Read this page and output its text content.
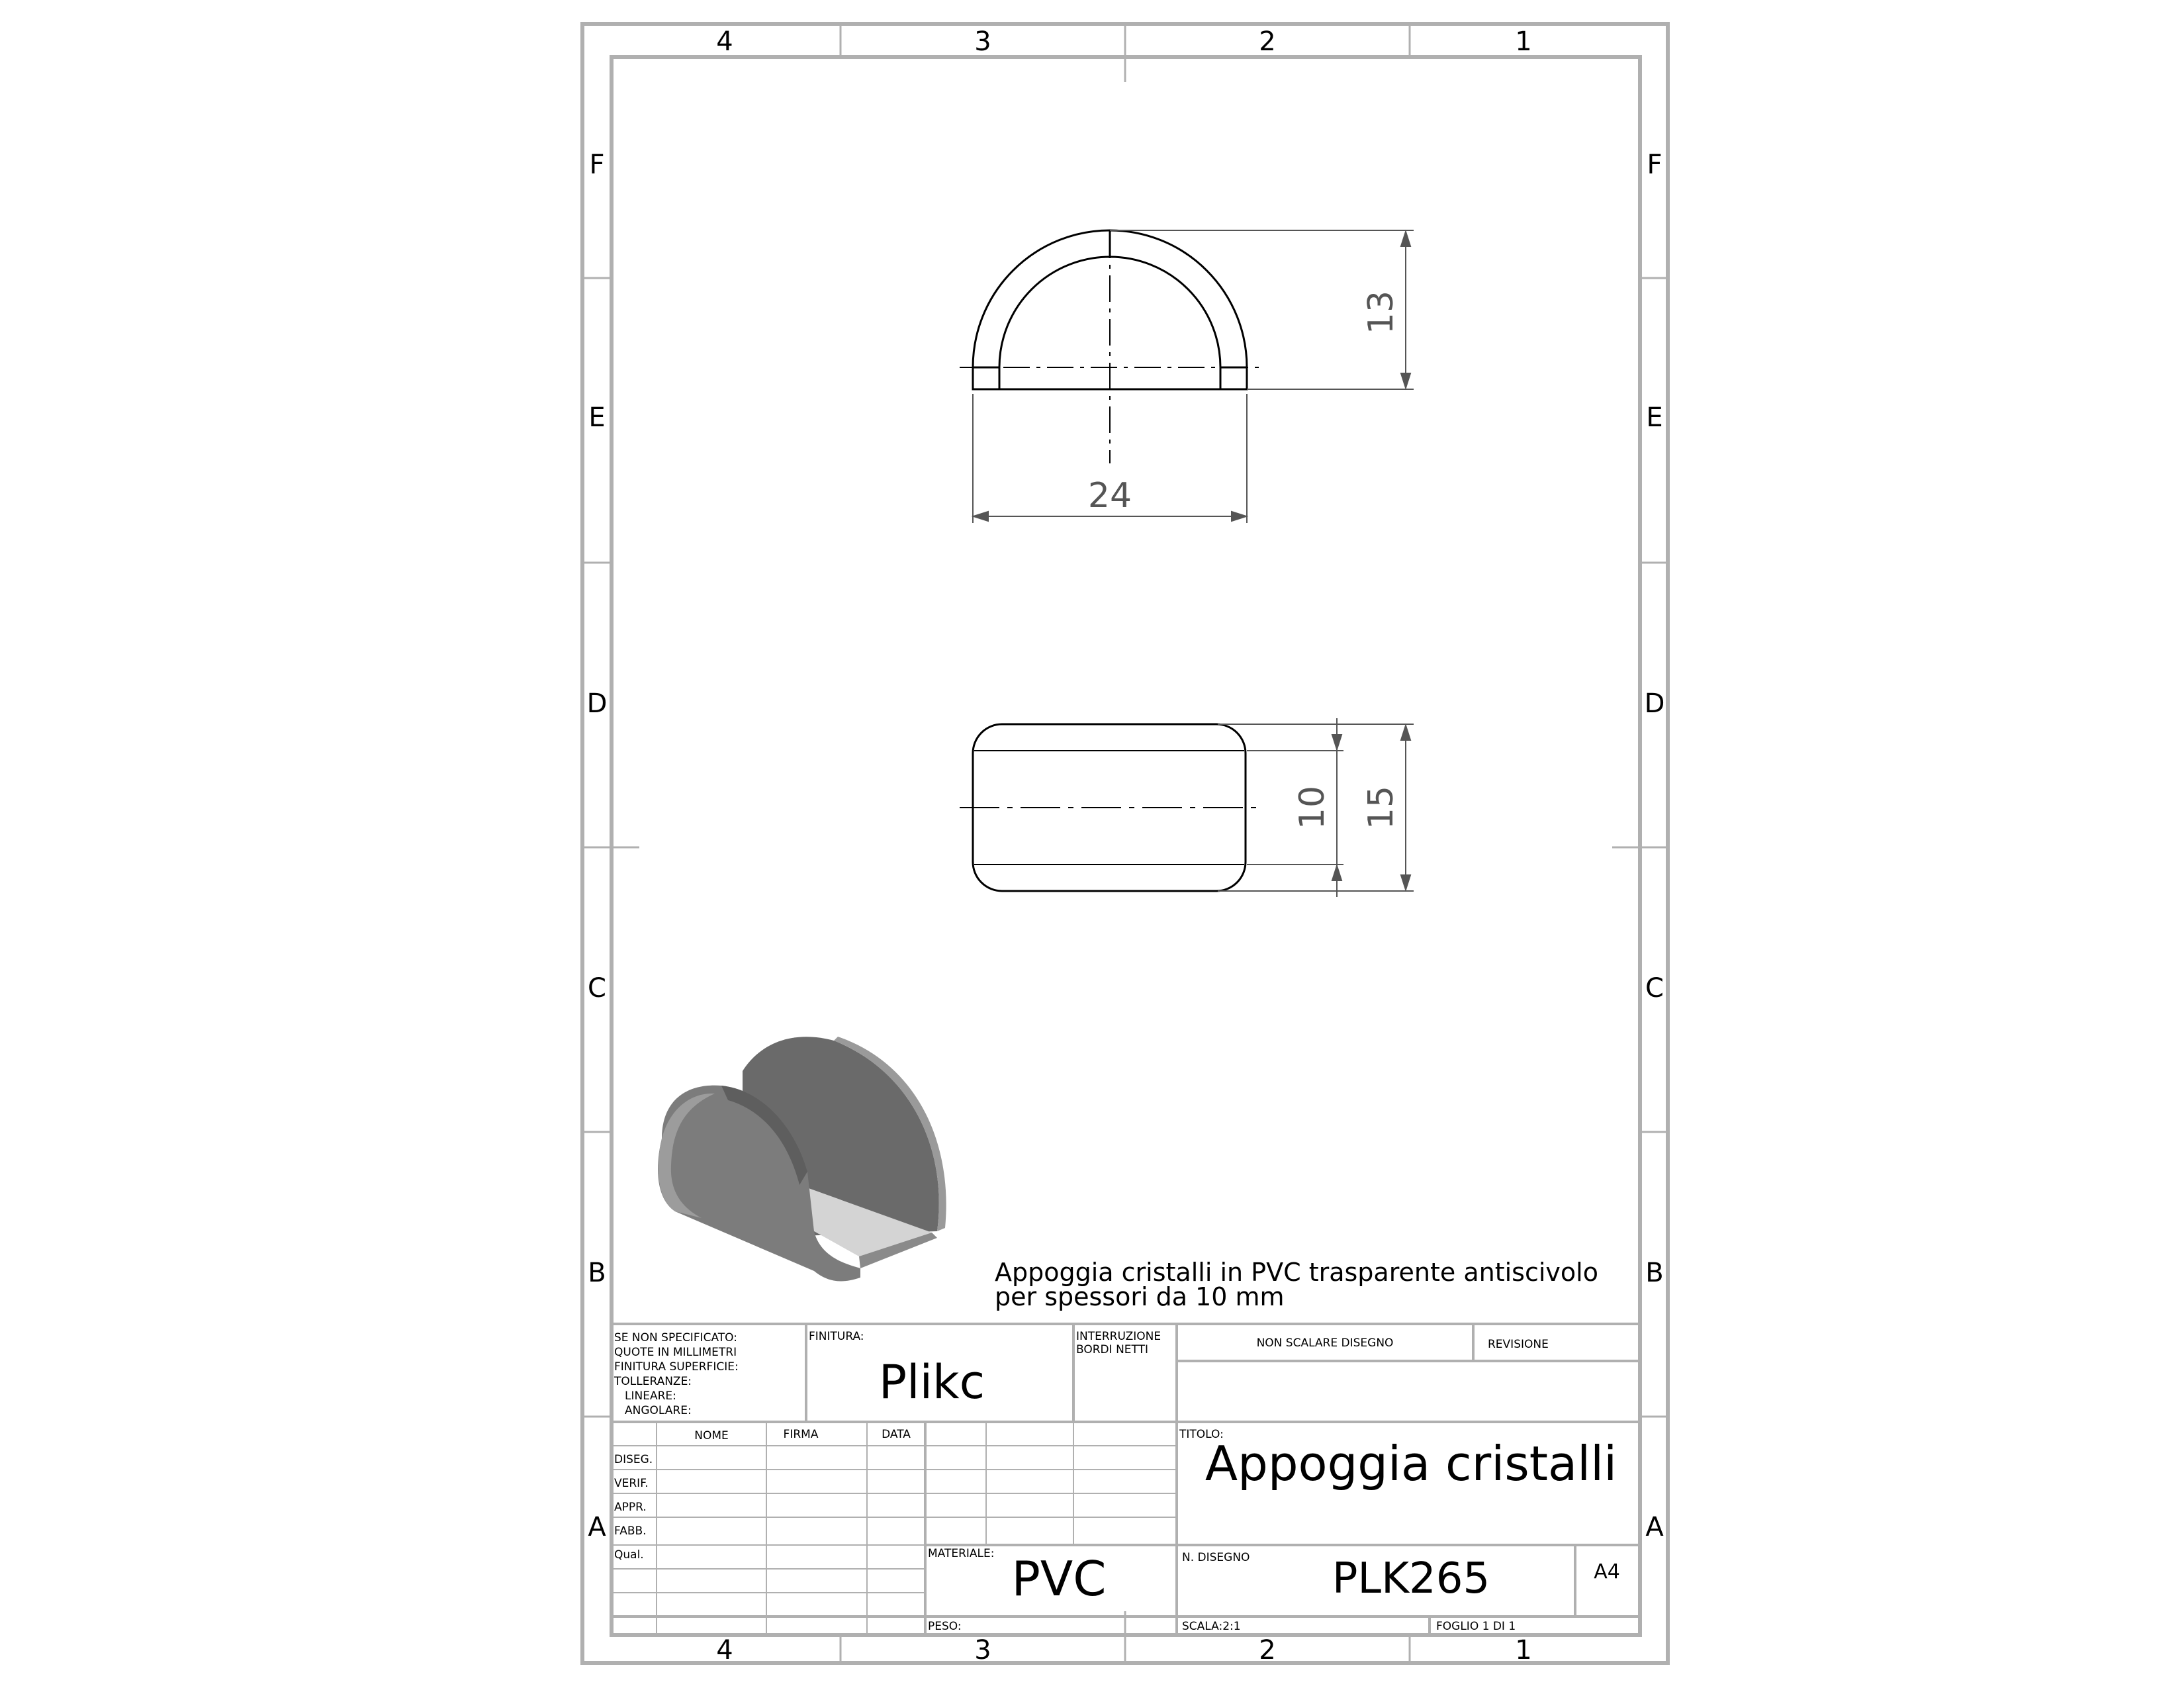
4	3	2	1
4	3	2	1
F
E
D
C
B
A
F
E
D
C
B
A
13
24
10 15
Appoggia cristalli in PVC trasparente antiscivolo
per spessori da 10 mm
SE NON SPECIFICATO:
QUOTE IN MILLIMETRI
FINITURA SUPERFICIE:
TOLLERANZE:
LINEARE:
ANGOLARE:
FINITURA:
Plikc
INTERRUZIONE
BORDI NETTI	NON SCALARE DISEGNO	REVISIONE
NOME	FIRMA	DATA
DISEG.
VERIF.
APPR.
FABB.
Qual.
TITOLO:
Appoggia cristalli
MATERIALE: PVC	N. DISEGNO PLK265	A4
PESO:	SCALA:2:1	FOGLIO 1 DI 1
